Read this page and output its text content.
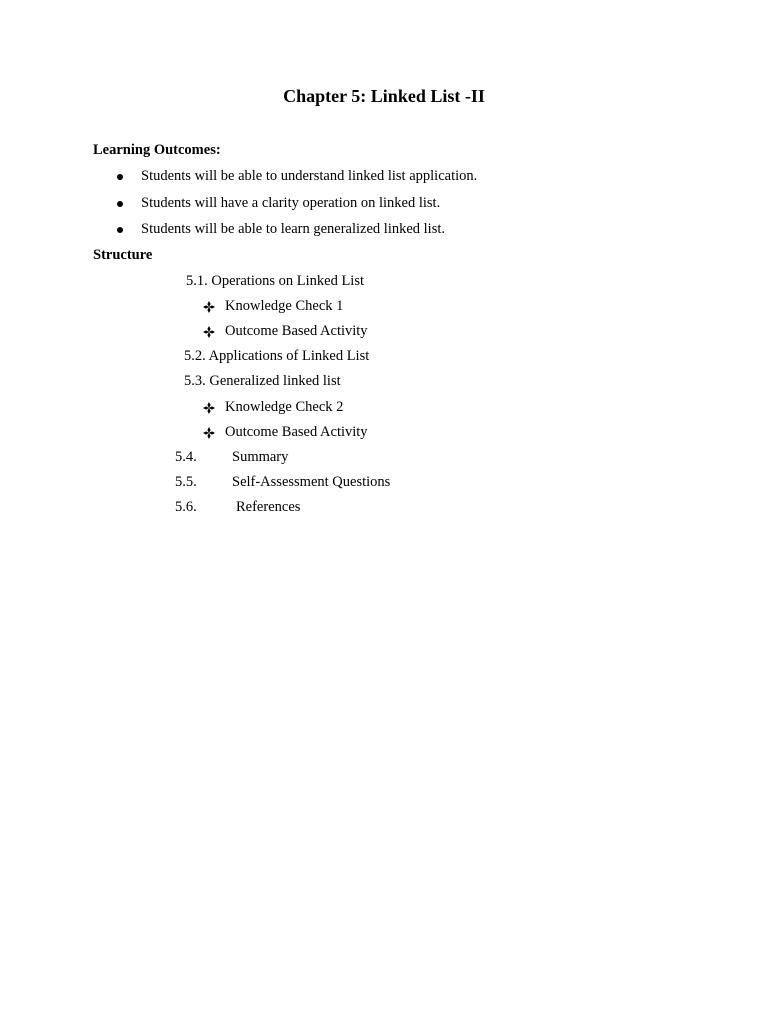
Chapter 5: Linked List -II
Learning Outcomes:
Students will be able to understand linked list application.
Students will have a clarity operation on linked list.
Students will be able to learn generalized linked list.
Structure
5.1. Operations on Linked List
Knowledge Check 1
Outcome Based Activity
5.2. Applications of Linked List
5.3. Generalized linked list
Knowledge Check 2
Outcome Based Activity
5.4. Summary
5.5. Self-Assessment Questions
5.6.	References
